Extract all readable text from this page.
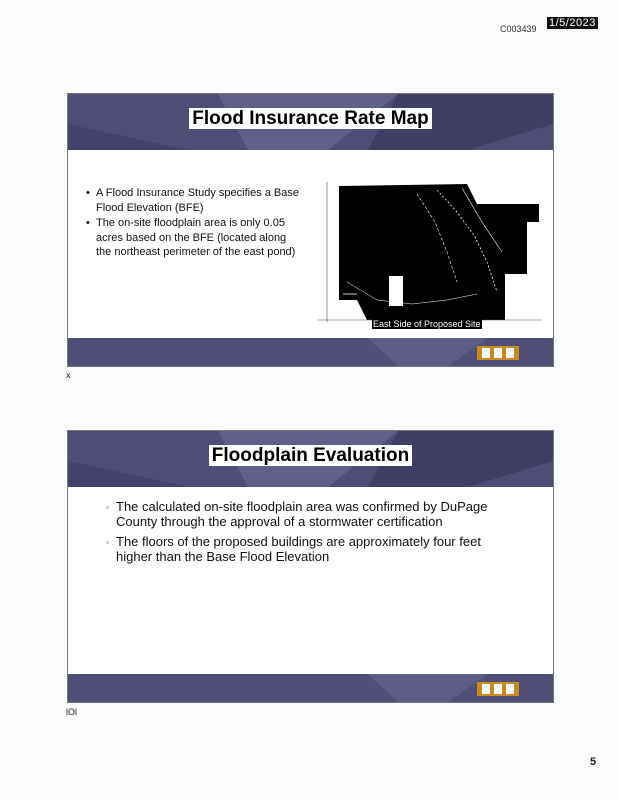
C003439 1/5/2023
Flood Insurance Rate Map
• A Flood Insurance Study specifies a Base Flood Elevation (BFE)
• The on-site floodplain area is only 0.05 acres based on the BFE (located along the northeast perimeter of the east pond)
East Side of Proposed Site
x
Floodplain Evaluation
◦ The calculated on-site floodplain area was confirmed by DuPage County through the approval of a stormwater certification
◦ The floors of the proposed buildings are approximately four feet higher than the Base Flood Elevation
lOl
5
